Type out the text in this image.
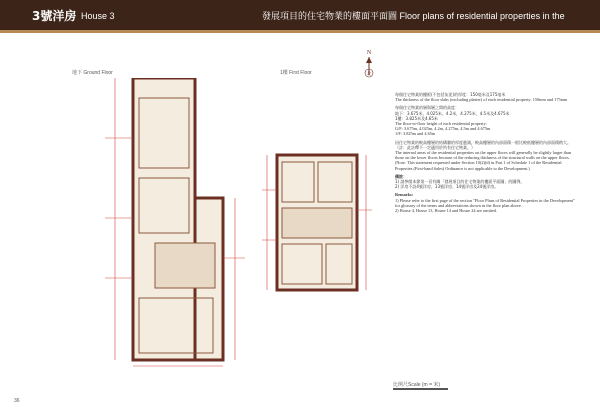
3號洋房 House 3	發展項目的住宅物業的樓面平面圖 Floor plans of residential properties in the development
地下 Ground Floor	1樓 First Floor
N
北

每個住宅物業的樓板(不包括灰泥)的厚度：150毫米及175毫米
The thickness of the floor slabs (excluding plaster) of each residential property: 150mm and 175mm

每個住宅物業的層與層之間的高度：
地下：3.675米，4.025米，4.2米，4.275米，4.5米及4.675米
1樓：3.825米及4.65米
The floor-to-floor height of each residential property:
G/F: 3.675m, 4.025m, 4.2m, 4.275m, 4.5m and 4.675m
1/F: 3.825m and 4.65m

因住宅物業的較高樓層的結構牆的厚度遞減，較高樓層的內部面積一般比較低樓層的內部面積稍大。（註：此註釋不一定適用於所有住宅物業。）
The internal areas of the residential properties on the upper floors will generally be slightly larger than those on the lower floors because of the reducing thickness of the structural walls on the upper floors. (Note: This statement requested under Section 10(2)(d) in Part 1 of Schedule 1 of the Residential Properties (First-hand Sales) Ordinance is not applicable to the Development.)

備註：
1) 請參閱本節第一頁有關「發展項目的住宅物業的樓面平面圖」的圖例。
2) 洋房不設4號洋房、13號洋房、14號洋房及24號洋房。

Remarks:
1) Please refer to the first page of the section "Floor Plans of Residential Properties in the Development" for glossary of the terms and abbreviations shown in the floor plan above.
2) House 4, House 13, House 14 and House 24 are omitted.

比例尺Scale (m = 米)
36
